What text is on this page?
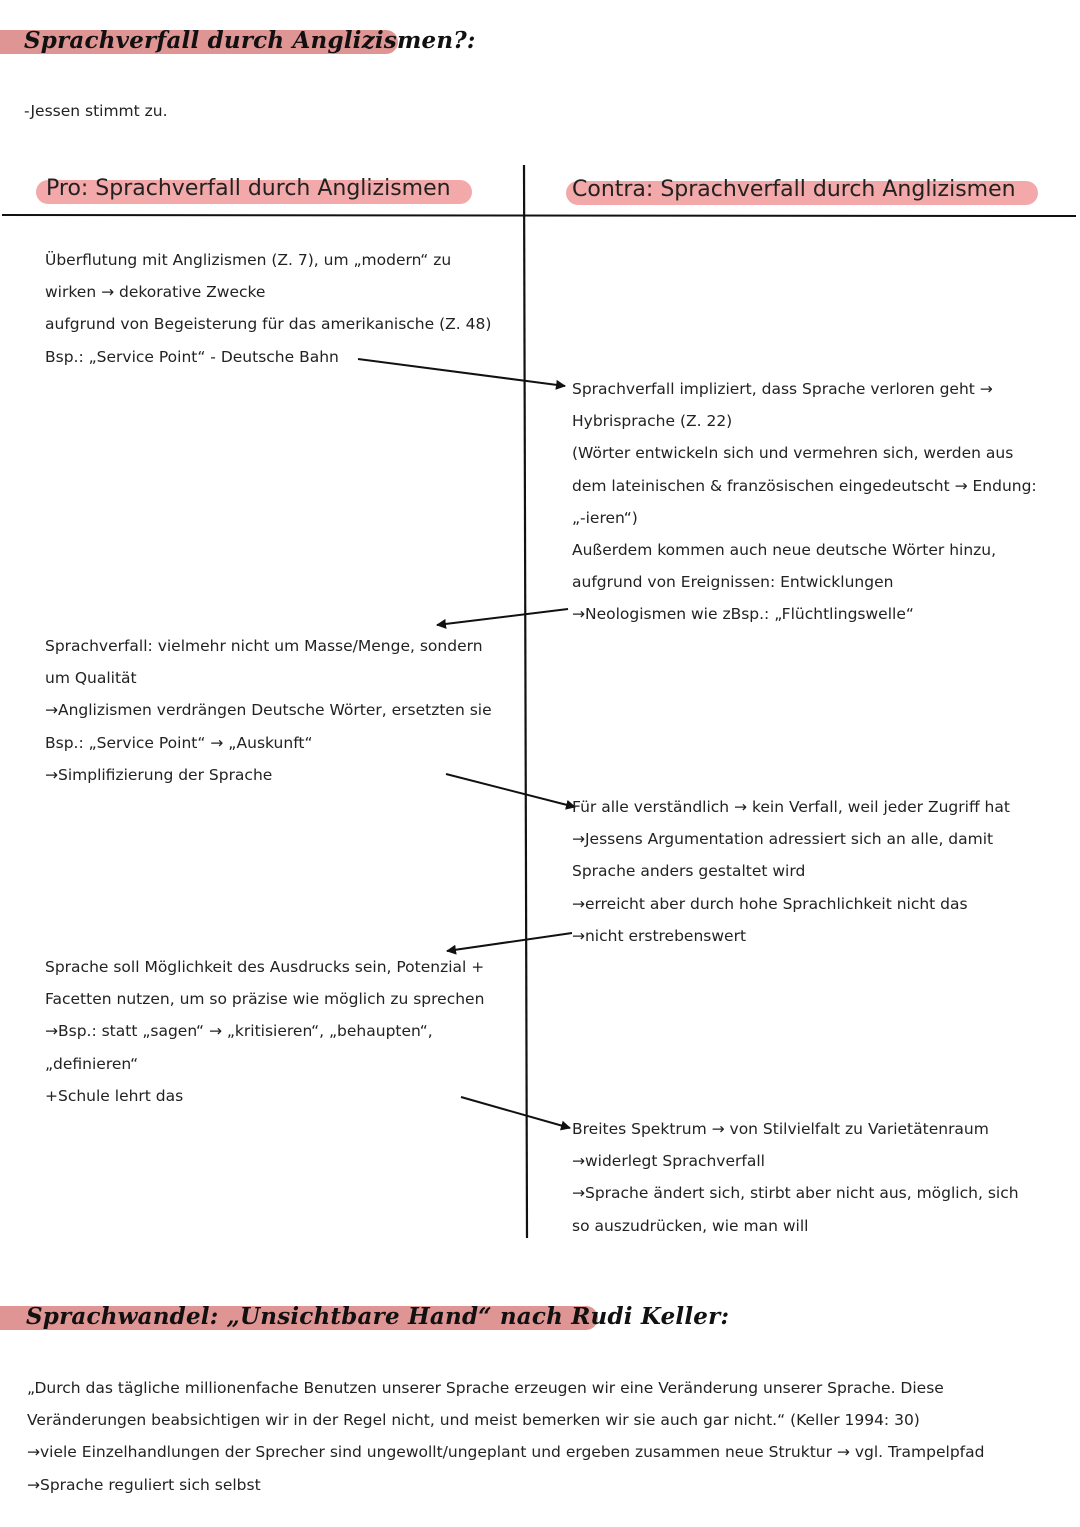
Sprachverfall durch Anglizismen?:
-Jessen stimmt zu.
Pro: Sprachverfall durch Anglizismen	Contra: Sprachverfall durch Anglizismen
Überflutung mit Anglizismen (Z. 7), um „modern“ zu
wirken → dekorative Zwecke
aufgrund von Begeisterung für das amerikanische (Z. 48)
Bsp.: „Service Point“ - Deutsche Bahn
Sprachverfall: vielmehr nicht um Masse/Menge, sondern
um Qualität
→Anglizismen verdrängen Deutsche Wörter, ersetzten sie
Bsp.: „Service Point“ → „Auskunft“
→Simplifizierung der Sprache
Sprache soll Möglichkeit des Ausdrucks sein, Potenzial +
Facetten nutzen, um so präzise wie möglich zu sprechen
→Bsp.: statt „sagen“ → „kritisieren“, „behaupten“,
„definieren“
+Schule lehrt das
Sprachverfall impliziert, dass Sprache verloren geht →
Hybrisprache (Z. 22)
(Wörter entwickeln sich und vermehren sich, werden aus
dem lateinischen & französischen eingedeutscht → Endung:
„-ieren“)
Außerdem kommen auch neue deutsche Wörter hinzu,
aufgrund von Ereignissen: Entwicklungen
→Neologismen wie zBsp.: „Flüchtlingswelle“
Für alle verständlich → kein Verfall, weil jeder Zugriff hat
→Jessens Argumentation adressiert sich an alle, damit
Sprache anders gestaltet wird
→erreicht aber durch hohe Sprachlichkeit nicht das
→nicht erstrebenswert
Breites Spektrum → von Stilvielfalt zu Varietätenraum
→widerlegt Sprachverfall
→Sprache ändert sich, stirbt aber nicht aus, möglich, sich
so auszudrücken, wie man will
Sprachwandel: „Unsichtbare Hand“ nach Rudi Keller:
„Durch das tägliche millionenfache Benutzen unserer Sprache erzeugen wir eine Veränderung unserer Sprache. Diese
Veränderungen beabsichtigen wir in der Regel nicht, und meist bemerken wir sie auch gar nicht.“ (Keller 1994: 30)
→viele Einzelhandlungen der Sprecher sind ungewollt/ungeplant und ergeben zusammen neue Struktur → vgl. Trampelpfad
→Sprache reguliert sich selbst
